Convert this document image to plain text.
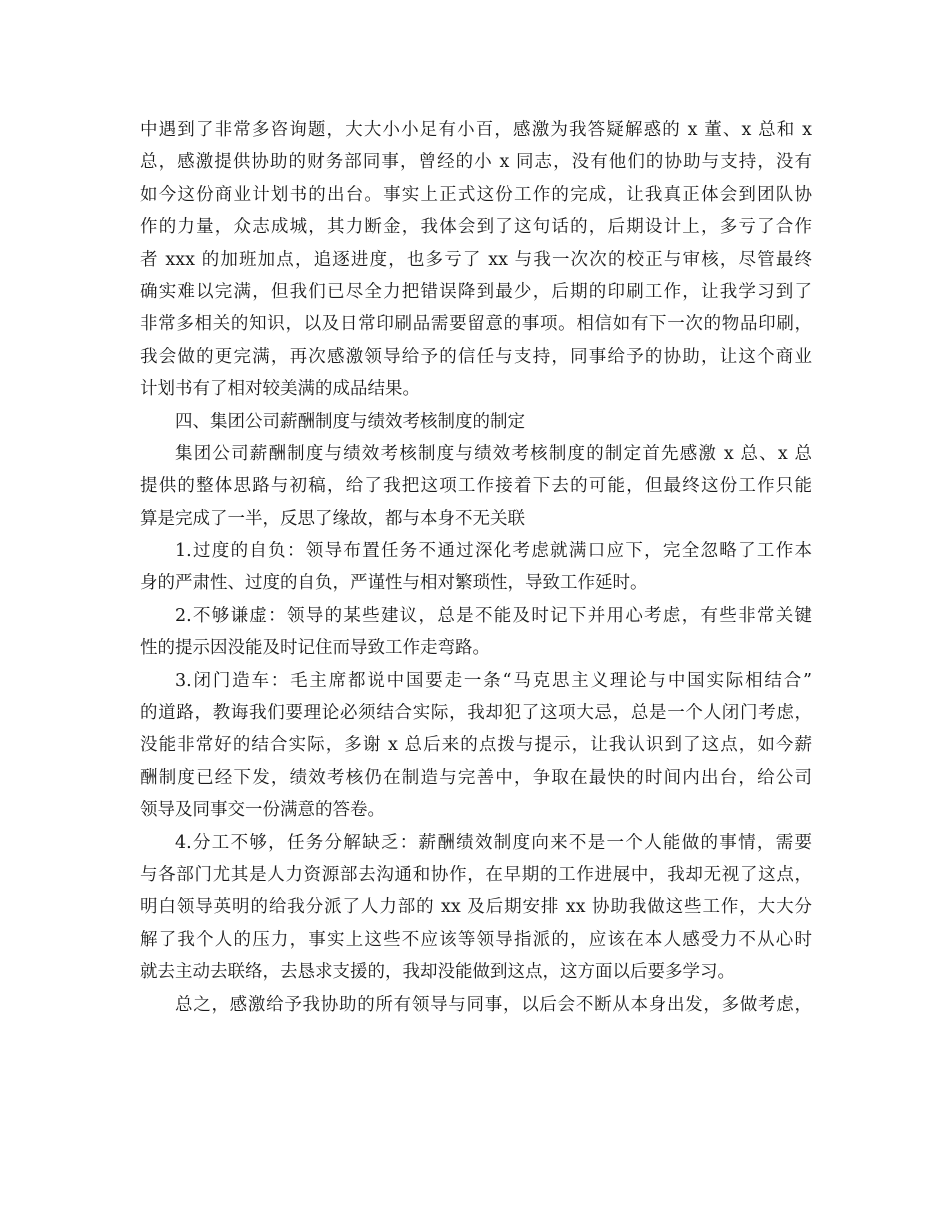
中遇到了非常多咨询题，大大小小足有小百，感激为我答疑解惑的 x 董、x 总和 x
总，感激提供协助的财务部同事，曾经的小 x 同志，没有他们的协助与支持，没有
如今这份商业计划书的出台。事实上正式这份工作的完成，让我真正体会到团队协
作的力量，众志成城，其力断金，我体会到了这句话的，后期设计上，多亏了合作
者 xxx 的加班加点，追逐进度，也多亏了 xx 与我一次次的校正与审核，尽管最终
确实难以完满，但我们已尽全力把错误降到最少，后期的印刷工作，让我学习到了
非常多相关的知识，以及日常印刷品需要留意的事项。相信如有下一次的物品印刷，
我会做的更完满，再次感激领导给予的信任与支持，同事给予的协助，让这个商业
计划书有了相对较美满的成品结果。
四、集团公司薪酬制度与绩效考核制度的制定
集团公司薪酬制度与绩效考核制度与绩效考核制度的制定首先感激 x 总、x 总
提供的整体思路与初稿，给了我把这项工作接着下去的可能，但最终这份工作只能
算是完成了一半，反思了缘故，都与本身不无关联
1.过度的自负：领导布置任务不通过深化考虑就满口应下，完全忽略了工作本
身的严肃性、过度的自负，严谨性与相对繁琐性，导致工作延时。
2.不够谦虚：领导的某些建议，总是不能及时记下并用心考虑，有些非常关键
性的提示因没能及时记住而导致工作走弯路。
3.闭门造车：毛主席都说中国要走一条“马克思主义理论与中国实际相结合”
的道路，教诲我们要理论必须结合实际，我却犯了这项大忌，总是一个人闭门考虑，
没能非常好的结合实际，多谢 x 总后来的点拨与提示，让我认识到了这点，如今薪
酬制度已经下发，绩效考核仍在制造与完善中，争取在最快的时间内出台，给公司
领导及同事交一份满意的答卷。
4.分工不够，任务分解缺乏：薪酬绩效制度向来不是一个人能做的事情，需要
与各部门尤其是人力资源部去沟通和协作，在早期的工作进展中，我却无视了这点，
明白领导英明的给我分派了人力部的 xx 及后期安排 xx 协助我做这些工作，大大分
解了我个人的压力，事实上这些不应该等领导指派的，应该在本人感受力不从心时
就去主动去联络，去恳求支援的，我却没能做到这点，这方面以后要多学习。
总之，感激给予我协助的所有领导与同事，以后会不断从本身出发，多做考虑，
